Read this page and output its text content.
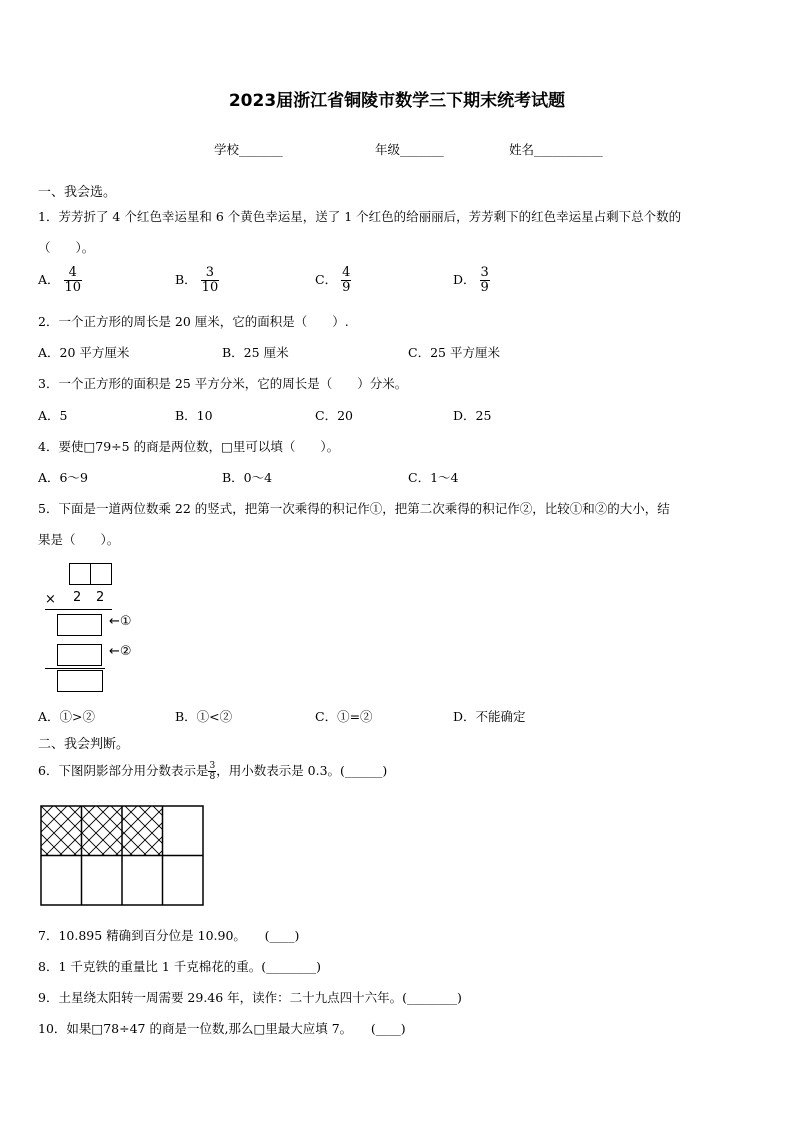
2023届浙江省铜陵市数学三下期末统考试题
学校_______	年级_______	姓名___________
一、我会选。
1．芳芳折了 4 个红色幸运星和 6 个黄色幸运星，送了 1 个红色的给丽丽后，芳芳剩下的红色幸运星占剩下总个数的
（　　）。
A． $\frac{4}{10}$	B． $\frac{3}{10}$	C． $\frac{4}{9}$	D． $\frac{3}{9}$
2．一个正方形的周长是 20 厘米，它的面积是（　　）.
A．20 平方厘米	B．25 厘米	C．25 平方厘米
3．一个正方形的面积是 25 平方分米，它的周长是（　　）分米。
A．5	B．10	C．20	D．25
4．要使□79÷5 的商是两位数，□里可以填（　　）。
A．6～9	B．0～4	C．1～4
5．下面是一道两位数乘 22 的竖式，把第一次乘得的积记作①，把第二次乘得的积记作②，比较①和②的大小，结
果是（　　）。
× 2 2
←①
←②
A．①>②	B．①<②	C．①=②	D．不能确定
二、我会判断。
6．下图阴影部分用分数表示是 $\frac{3}{8}$ ，用小数表示是 0.3。(______)
7．10.895 精确到百分位是 10.90。　　(____)
8．1 千克铁的重量比 1 千克棉花的重。(________)
9．土星绕太阳转一周需要 29.46 年，读作：二十九点四十六年。(________)
10．如果□78÷47 的商是一位数,那么□里最大应填 7。　　(____)
